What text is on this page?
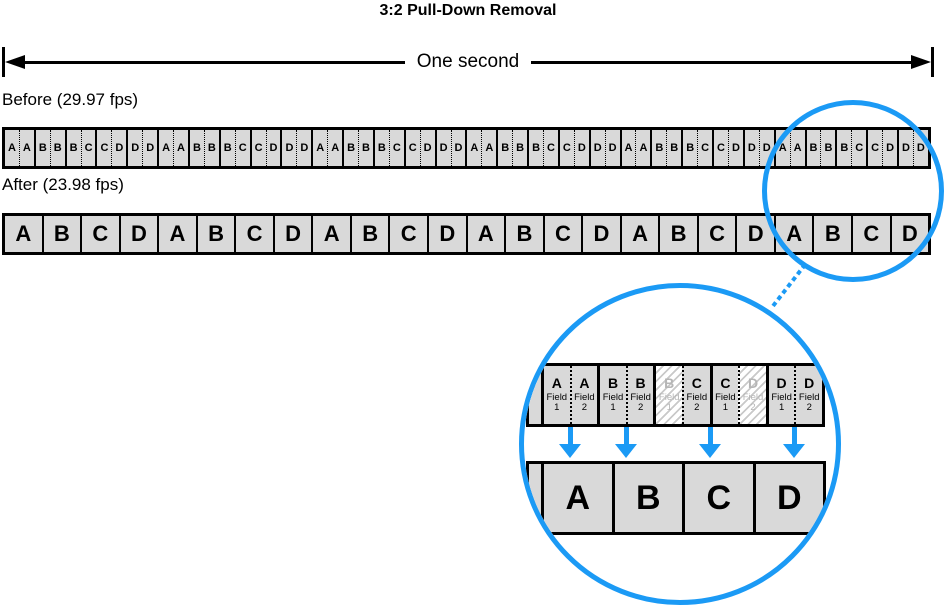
3:2 Pull-Down Removal
One second
Before (29.97 fps)
A A B B B C C D D D A A B B B C C D D D A A B B B C C D D D A A B B B C C D D D A A B B B C C D D D A A B B B C C D D D
After (23.98 fps)
A	B	C	D	A	B	C	D	A	B	C	D	A	B	C	D	A	B	C	D	A	B	C	D
A
Field
1
A
Field
2
B
Field
1
B
Field
2
B
Field
1
C
Field
2
C
Field
1
D
Field
2
D
Field
1
D
Field
2
A	B	C	D
